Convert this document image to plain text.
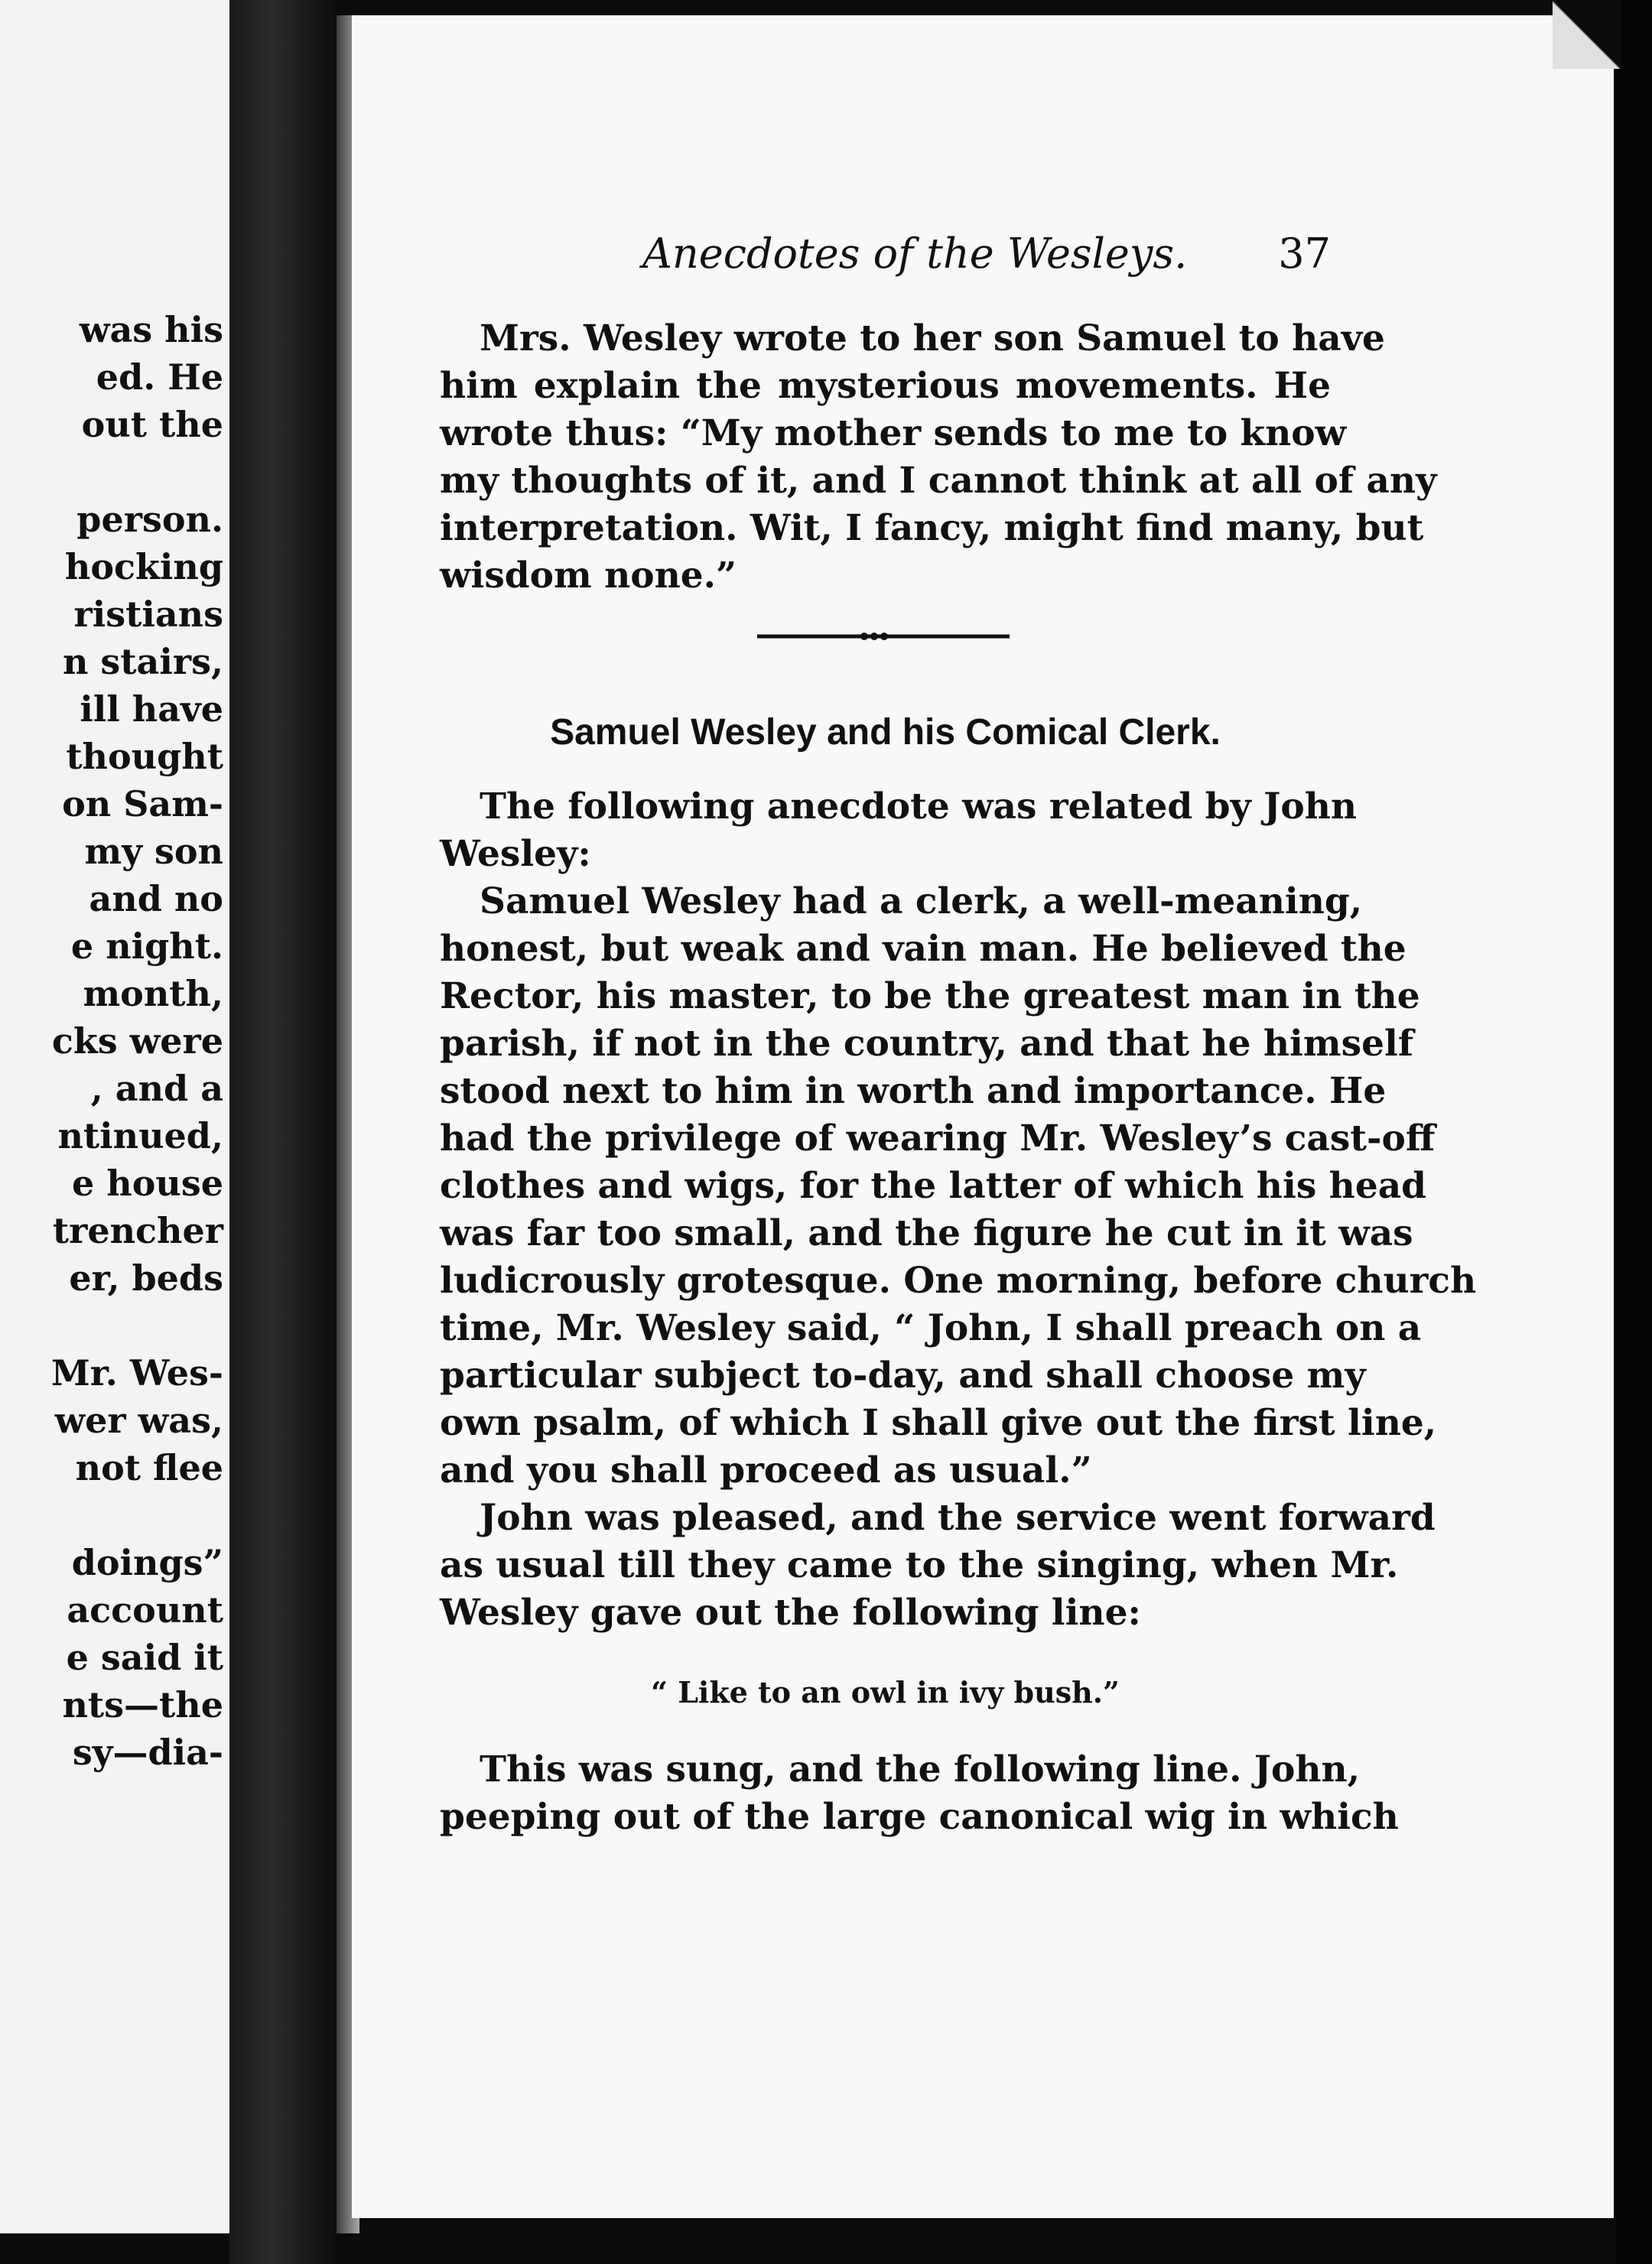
was his
ed. He
out the
person.
hocking
ristians
n stairs,
ill have
thought
on Sam-
my son
and no
e night.
month,
cks were
, and a
ntinued,
e house
trencher
er, beds
Mr. Wes-
wer was,
not flee
doings”
account
e said it
nts—the
sy—dia-
Anecdotes of the Wesleys. 37
Mrs. Wesley wrote to her son Samuel to have
him explain the mysterious movements. He
wrote thus: “My mother sends to me to know
my thoughts of it, and I cannot think at all of any
interpretation. Wit, I fancy, might find many, but
wisdom none.”
Samuel Wesley and his Comical Clerk.
The following anecdote was related by John
Wesley:
Samuel Wesley had a clerk, a well-meaning,
honest, but weak and vain man. He believed the
Rector, his master, to be the greatest man in the
parish, if not in the country, and that he himself
stood next to him in worth and importance. He
had the privilege of wearing Mr. Wesley’s cast-off
clothes and wigs, for the latter of which his head
was far too small, and the figure he cut in it was
ludicrously grotesque. One morning, before church
time, Mr. Wesley said, “ John, I shall preach on a
particular subject to-day, and shall choose my
own psalm, of which I shall give out the first line,
and you shall proceed as usual.”
John was pleased, and the service went forward
as usual till they came to the singing, when Mr.
Wesley gave out the following line:
“ Like to an owl in ivy bush.”
This was sung, and the following line. John,
peeping out of the large canonical wig in which
